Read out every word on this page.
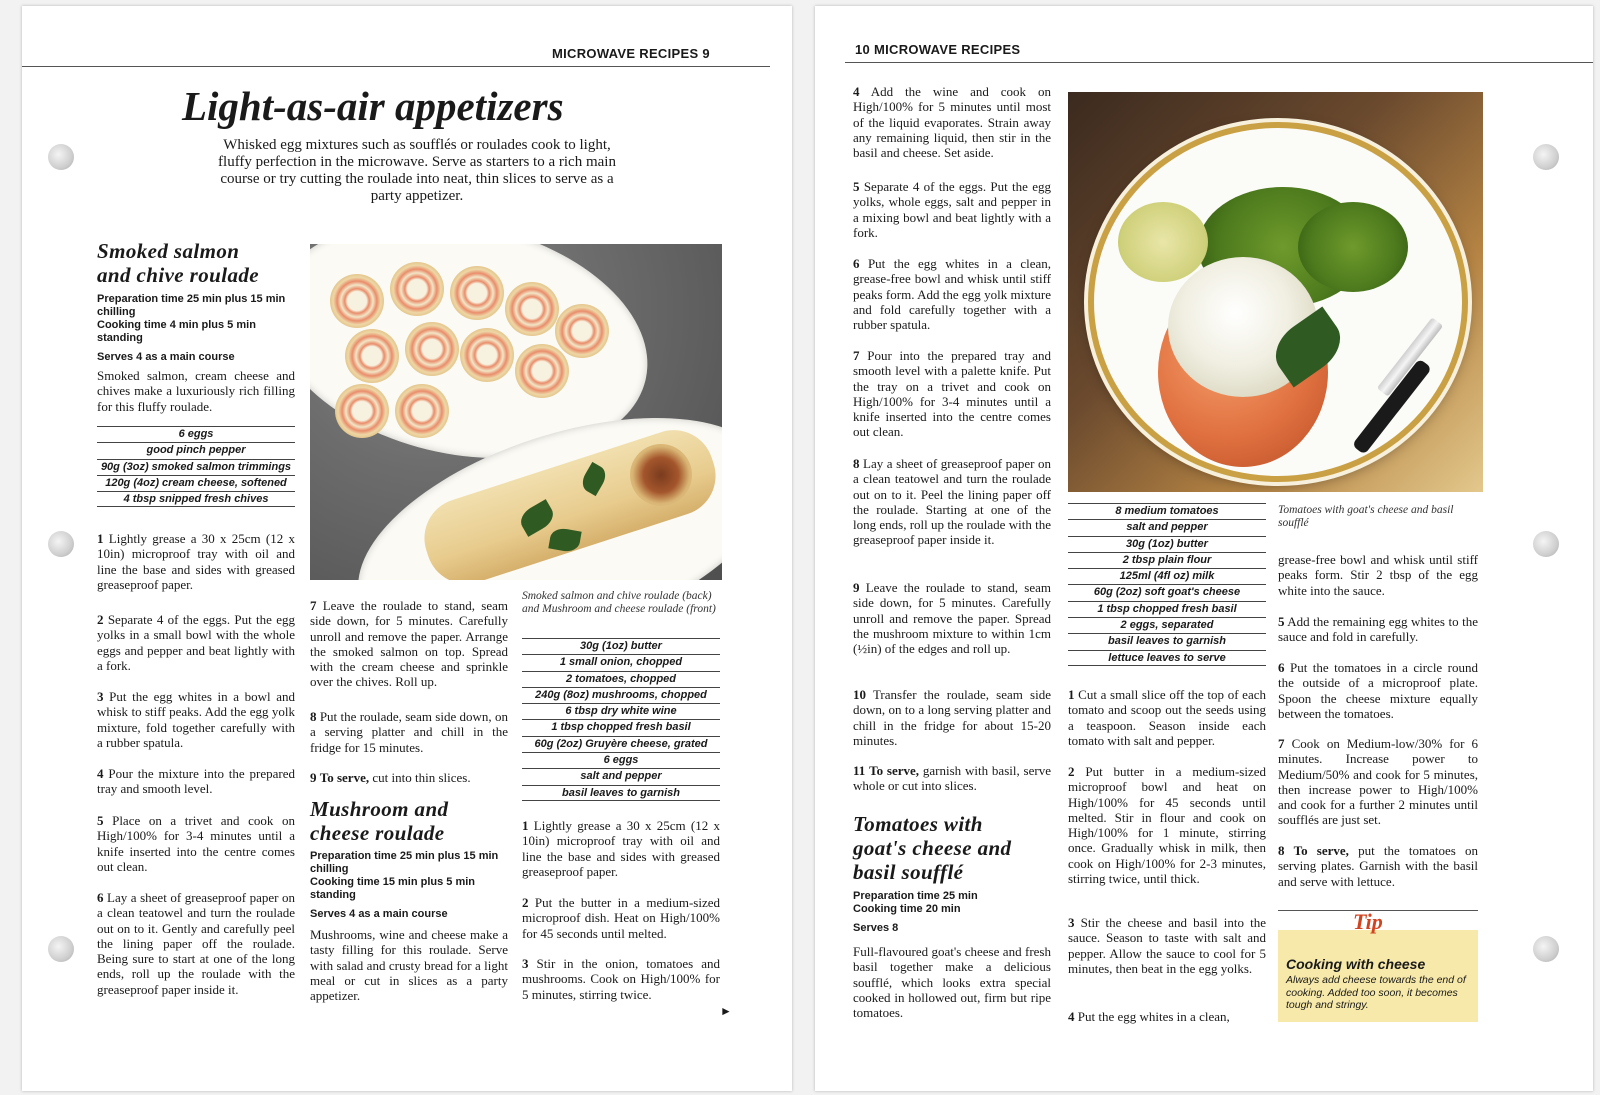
MICROWAVE RECIPES 9
Light-as-air appetizers
Whisked egg mixtures such as soufflés or roulades cook to light, fluffy perfection in the microwave. Serve as starters to a rich main course or try cutting the roulade into neat, thin slices to serve as a party appetizer.
Smoked salmon
and chive roulade
Preparation time 25 min plus 15 min chilling
Cooking time 4 min plus 5 min standing
Serves 4 as a main course
Smoked salmon, cream cheese and chives make a luxuriously rich filling for this fluffy roulade.
6 eggs
good pinch pepper
90g (3oz) smoked salmon trimmings
120g (4oz) cream cheese, softened
4 tbsp snipped fresh chives
1 Lightly grease a 30 x 25cm (12 x 10in) microproof tray with oil and line the base and sides with greased greaseproof paper.
2 Separate 4 of the eggs. Put the egg yolks in a small bowl with the whole eggs and pepper and beat lightly with a fork.
3 Put the egg whites in a bowl and whisk to stiff peaks. Add the egg yolk mixture, fold together carefully with a rubber spatula.
4 Pour the mixture into the prepared tray and smooth level.
5 Place on a trivet and cook on High/100% for 3-4 minutes until a knife inserted into the centre comes out clean.
6 Lay a sheet of greaseproof paper on a clean teatowel and turn the roulade out on to it. Gently and carefully peel the lining paper off the roulade. Being sure to start at one of the long ends, roll up the roulade with the greaseproof paper inside it.
7 Leave the roulade to stand, seam side down, for 5 minutes. Carefully unroll and remove the paper. Arrange the smoked salmon on top. Spread with the cream cheese and sprinkle over the chives. Roll up.
8 Put the roulade, seam side down, on a serving platter and chill in the fridge for 15 minutes.
9 To serve, cut into thin slices.
Smoked salmon and chive roulade (back) and Mushroom and cheese roulade (front)
30g (1oz) butter
1 small onion, chopped
2 tomatoes, chopped
240g (8oz) mushrooms, chopped
6 tbsp dry white wine
1 tbsp chopped fresh basil
60g (2oz) Gruyère cheese, grated
6 eggs
salt and pepper
basil leaves to garnish
Mushroom and
cheese roulade
Preparation time 25 min plus 15 min chilling
Cooking time 15 min plus 5 min standing
Serves 4 as a main course
Mushrooms, wine and cheese make a tasty filling for this roulade. Serve with salad and crusty bread for a light meal or cut in slices as a party appetizer.
1 Lightly grease a 30 x 25cm (12 x 10in) microproof tray with oil and line the base and sides with greased greaseproof paper.
2 Put the butter in a medium-sized microproof dish. Heat on High/100% for 45 seconds until melted.
3 Stir in the onion, tomatoes and mushrooms. Cook on High/100% for 5 minutes, stirring twice.
►
10 MICROWAVE RECIPES
4 Add the wine and cook on High/100% for 5 minutes until most of the liquid evaporates. Strain away any remaining liquid, then stir in the basil and cheese. Set aside.
5 Separate 4 of the eggs. Put the egg yolks, whole eggs, salt and pepper in a mixing bowl and beat lightly with a fork.
6 Put the egg whites in a clean, grease-free bowl and whisk until stiff peaks form. Add the egg yolk mixture and fold carefully together with a rubber spatula.
7 Pour into the prepared tray and smooth level with a palette knife. Put the tray on a trivet and cook on High/100% for 3-4 minutes until a knife inserted into the centre comes out clean.
8 Lay a sheet of greaseproof paper on a clean teatowel and turn the roulade out on to it. Peel the lining paper off the roulade. Starting at one of the long ends, roll up the roulade with the greaseproof paper inside it.
9 Leave the roulade to stand, seam side down, for 5 minutes. Carefully unroll and remove the paper. Spread the mushroom mixture to within 1cm (½in) of the edges and roll up.
10 Transfer the roulade, seam side down, on to a long serving platter and chill in the fridge for about 15-20 minutes.
11 To serve, garnish with basil, serve whole or cut into slices.
Tomatoes with
goat's cheese and
basil soufflé
Preparation time 25 min
Cooking time 20 min
Serves 8
Full-flavoured goat's cheese and fresh basil together make a delicious soufflé, which looks extra special cooked in hollowed out, firm but ripe tomatoes.
Tomatoes with goat's cheese and basil soufflé
8 medium tomatoes
salt and pepper
30g (1oz) butter
2 tbsp plain flour
125ml (4fl oz) milk
60g (2oz) soft goat's cheese
1 tbsp chopped fresh basil
2 eggs, separated
basil leaves to garnish
lettuce leaves to serve
1 Cut a small slice off the top of each tomato and scoop out the seeds using a teaspoon. Season inside each tomato with salt and pepper.
2 Put butter in a medium-sized microproof bowl and heat on High/100% for 45 seconds until melted. Stir in flour and cook on High/100% for 1 minute, stirring once. Gradually whisk in milk, then cook on High/100% for 2-3 minutes, stirring twice, until thick.
3 Stir the cheese and basil into the sauce. Season to taste with salt and pepper. Allow the sauce to cool for 5 minutes, then beat in the egg yolks.
4 Put the egg whites in a clean,
grease-free bowl and whisk until stiff peaks form. Stir 2 tbsp of the egg white into the sauce.
5 Add the remaining egg whites to the sauce and fold in carefully.
6 Put the tomatoes in a circle round the outside of a microproof plate. Spoon the cheese mixture equally between the tomatoes.
7 Cook on Medium-low/30% for 6 minutes. Increase power to Medium/50% and cook for 5 minutes, then increase power to High/100% and cook for a further 2 minutes until soufflés are just set.
8 To serve, put the tomatoes on serving plates. Garnish with the basil and serve with lettuce.
Tip
Cooking with cheese
Always add cheese towards the end of cooking. Added too soon, it becomes tough and stringy.
